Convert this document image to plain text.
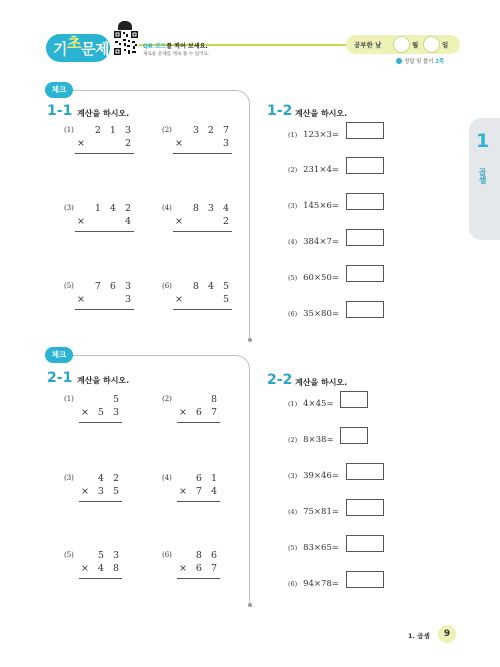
기 초 문 제	QR 코드를 찍어 보세요.
새로운 문제를 계속 풀 수 있어요.
공부한 날	월	일
정답 및 풀이 2쪽
1
곱셈
체크
1-1 계산을 하시오.
(1) 2 1 3
×	2
(2) 3 2 7
×	3
(3) 1 4 2
×	4
(4) 8 3 4
×	2
(5) 7 6 3
×	3
(6) 8 4 5
×	5
1-2 계산을 하시오.
(1) 123×3=
(2) 231×4=
(3) 145×6=
(4) 384×7=
(5) 60×50=
(6) 35×80=
체크
2-1 계산을 하시오.
(1)	5
× 5 3
(2)	8
× 6 7
(3)	4 2
× 3 5
(4)	6 1
× 7 4
(5)	5 3
× 4 8
(6)	8 6
× 6 7
2-2 계산을 하시오.
(1) 4×45=
(2) 8×38=
(3) 39×46=
(4) 75×81=
(5) 83×65=
(6) 94×78=
1. 곱셈	9
